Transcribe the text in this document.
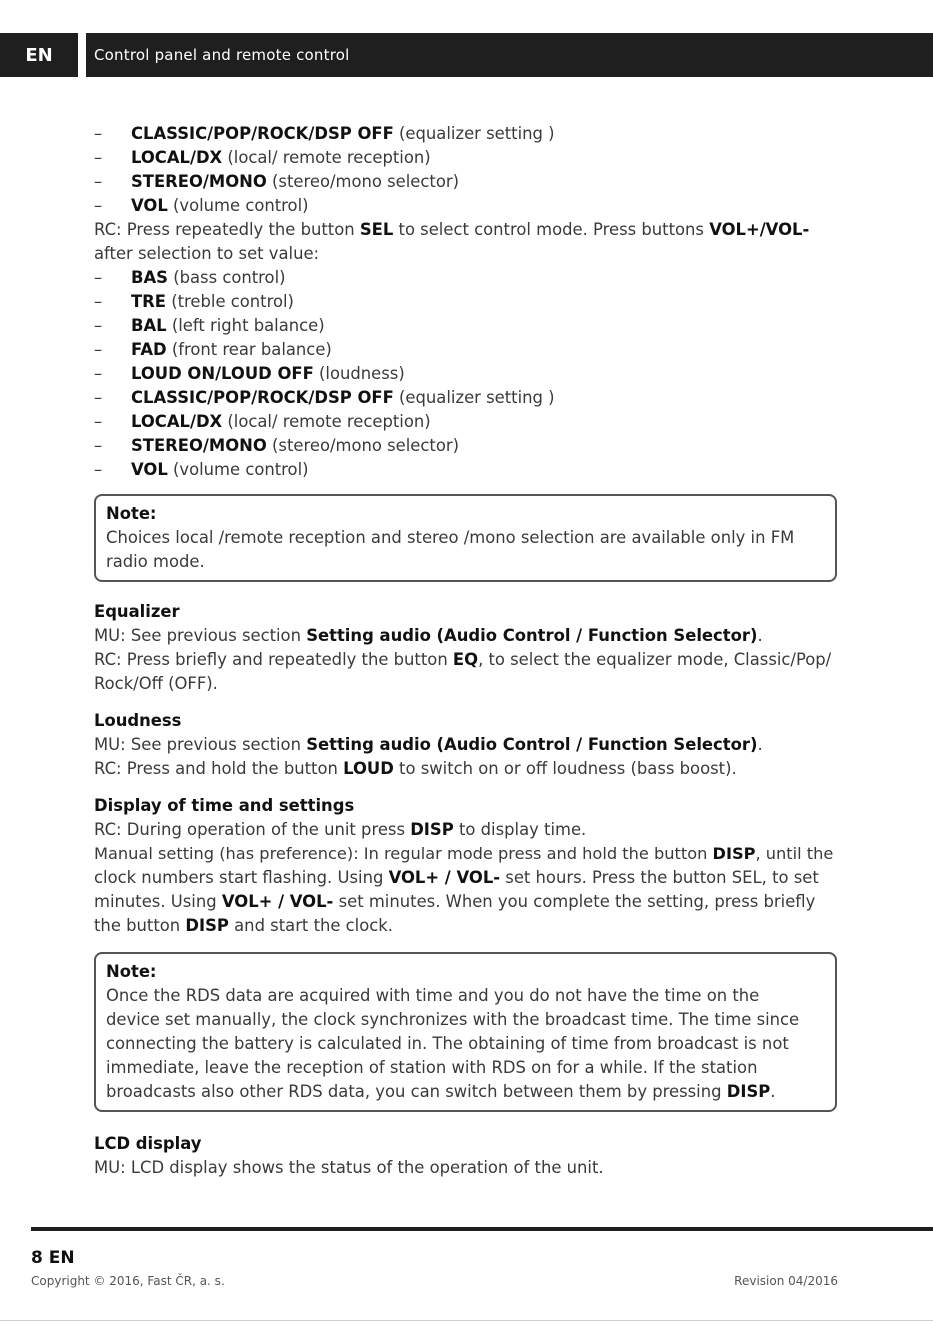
EN	Control panel and remote control
– CLASSIC/POP/ROCK/DSP OFF (equalizer setting )
– LOCAL/DX (local/ remote reception)
– STEREO/MONO (stereo/mono selector)
– VOL (volume control)
RC: Press repeatedly the button SEL to select control mode. Press buttons VOL+/VOL-
after selection to set value:
– BAS (bass control)
– TRE (treble control)
– BAL (left right balance)
– FAD (front rear balance)
– LOUD ON/LOUD OFF (loudness)
– CLASSIC/POP/ROCK/DSP OFF (equalizer setting )
– LOCAL/DX (local/ remote reception)
– STEREO/MONO (stereo/mono selector)
– VOL (volume control)
Note:
Choices local /remote reception and stereo /mono selection are available only in FM
radio mode.
Equalizer
MU: See previous section Setting audio (Audio Control / Function Selector).
RC: Press briefly and repeatedly the button EQ, to select the equalizer mode, Classic/Pop/
Rock/Off (OFF).
Loudness
MU: See previous section Setting audio (Audio Control / Function Selector).
RC: Press and hold the button LOUD to switch on or off loudness (bass boost).
Display of time and settings
RC: During operation of the unit press DISP to display time.
Manual setting (has preference): In regular mode press and hold the button DISP, until the
clock numbers start flashing. Using VOL+ / VOL- set hours. Press the button SEL, to set
minutes. Using VOL+ / VOL- set minutes. When you complete the setting, press briefly
the button DISP and start the clock.
Note:
Once the RDS data are acquired with time and you do not have the time on the
device set manually, the clock synchronizes with the broadcast time. The time since
connecting the battery is calculated in. The obtaining of time from broadcast is not
immediate, leave the reception of station with RDS on for a while. If the station
broadcasts also other RDS data, you can switch between them by pressing DISP.
LCD display
MU: LCD display shows the status of the operation of the unit.
8 EN
Copyright © 2016, Fast ČR, a. s.	Revision 04/2016
